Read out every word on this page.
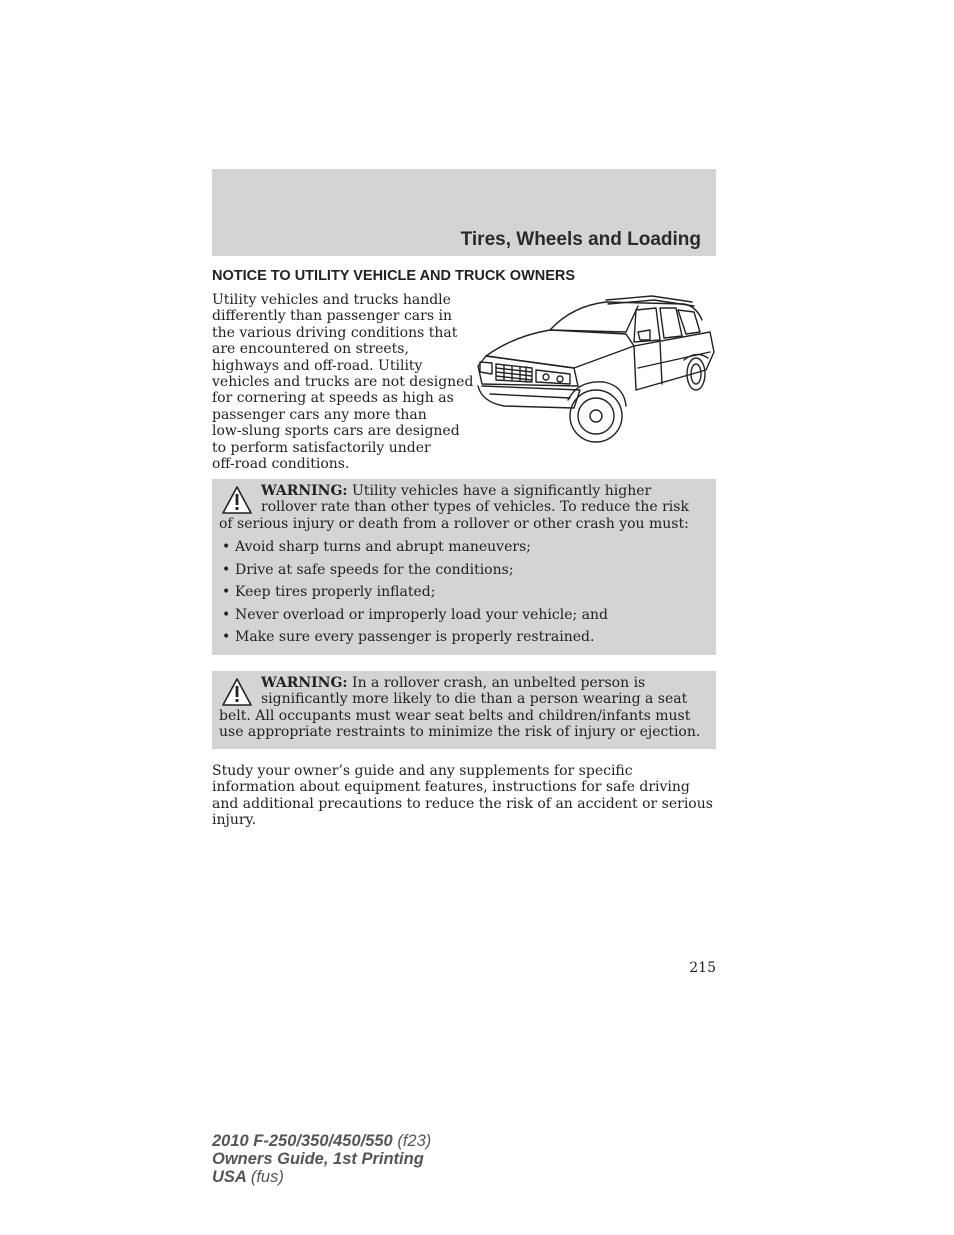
Tires, Wheels and Loading
NOTICE TO UTILITY VEHICLE AND TRUCK OWNERS

Utility vehicles and trucks handle
differently than passenger cars in
the various driving conditions that
are encountered on streets,
highways and off-road. Utility
vehicles and trucks are not designed
for cornering at speeds as high as
passenger cars any more than
low-slung sports cars are designed
to perform satisfactorily under
off-road conditions.

WARNING: Utility vehicles have a significantly higher rollover rate than other types of vehicles. To reduce the risk of serious injury or death from a rollover or other crash you must:

• Avoid sharp turns and abrupt maneuvers;
• Drive at safe speeds for the conditions;
• Keep tires properly inflated;
• Never overload or improperly load your vehicle; and
• Make sure every passenger is properly restrained.

WARNING: In a rollover crash, an unbelted person is significantly more likely to die than a person wearing a seat belt. All occupants must wear seat belts and children/infants must use appropriate restraints to minimize the risk of injury or ejection.

Study your owner’s guide and any supplements for specific information about equipment features, instructions for safe driving and additional precautions to reduce the risk of an accident or serious injury.

215
2010 F-250/350/450/550 (f23)
Owners Guide, 1st Printing
USA (fus)
